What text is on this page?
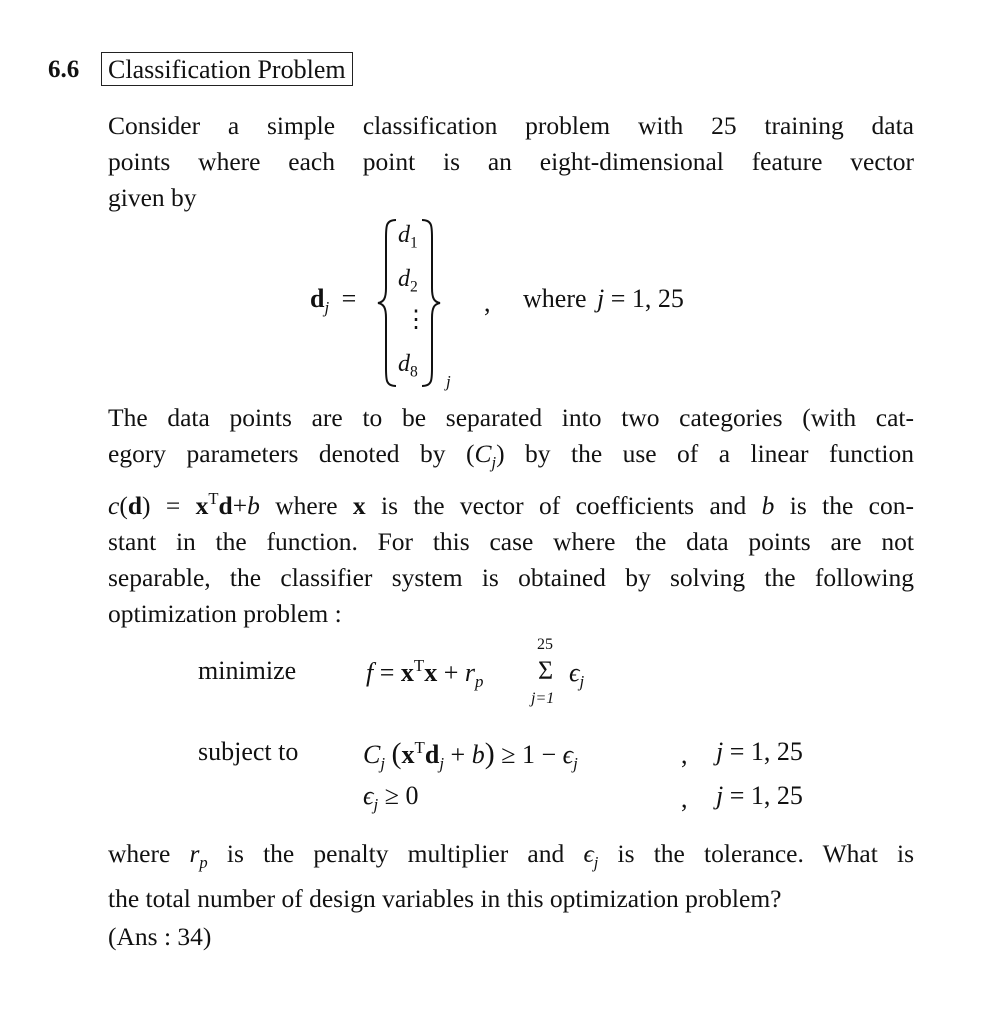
6.6 Classification Problem
Consider a simple classification problem with 25 training data
points where each point is an eight-dimensional feature vector
given by
$d_j$ =
$d_1$
$d_2$
⋮
$d_8$
j
, where j = 1, 25
The data points are to be separated into two categories (with cat-
egory parameters denoted by $(C_j)$ by the use of a linear function
$c(d) = x^Td+b$ where x is the vector of coefficients and b is the con-
stant in the function. For this case where the data points are not
separable, the classifier system is obtained by solving the following
optimization problem :
minimize	$f = x^Tx + r_p$
25
Σ
j=1
$\epsilon_j$
subject to $C_j$ $(x^Td_j + b) \ge 1 - \epsilon_j$	, j = 1, 25
$\epsilon_j \ge 0$	, j = 1, 25
where $r_p$ is the penalty multiplier and $\epsilon_j$ is the tolerance. What is
the total number of design variables in this optimization problem?
(Ans : 34)
